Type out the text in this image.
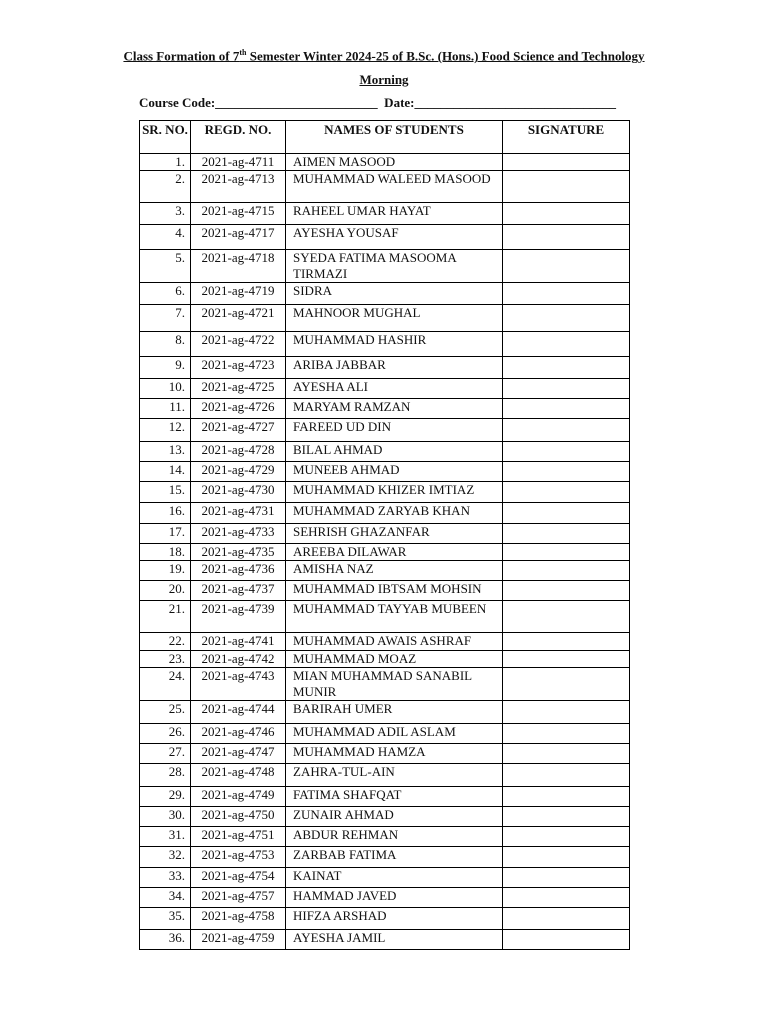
Class Formation of 7th Semester Winter 2024-25 of B.Sc. (Hons.) Food Science and Technology
Morning
Course Code:_________________________  Date:_______________________________
SR. NO.	REGD. NO.	NAMES OF STUDENTS	SIGNATURE
1.	2021-ag-4711	AIMEN MASOOD	
2.	2021-ag-4713	MUHAMMAD WALEED MASOOD	
3.	2021-ag-4715	RAHEEL UMAR HAYAT	
4.	2021-ag-4717	AYESHA YOUSAF	
5.	2021-ag-4718	SYEDA FATIMA MASOOMA TIRMAZI	
6.	2021-ag-4719	SIDRA	
7.	2021-ag-4721	MAHNOOR MUGHAL	
8.	2021-ag-4722	MUHAMMAD HASHIR	
9.	2021-ag-4723	ARIBA JABBAR	
10.	2021-ag-4725	AYESHA ALI	
11.	2021-ag-4726	MARYAM RAMZAN	
12.	2021-ag-4727	FAREED UD DIN	
13.	2021-ag-4728	BILAL AHMAD	
14.	2021-ag-4729	MUNEEB AHMAD	
15.	2021-ag-4730	MUHAMMAD KHIZER IMTIAZ	
16.	2021-ag-4731	MUHAMMAD ZARYAB KHAN	
17.	2021-ag-4733	SEHRISH GHAZANFAR	
18.	2021-ag-4735	AREEBA DILAWAR	
19.	2021-ag-4736	AMISHA NAZ	
20.	2021-ag-4737	MUHAMMAD IBTSAM MOHSIN	
21.	2021-ag-4739	MUHAMMAD TAYYAB MUBEEN	
22.	2021-ag-4741	MUHAMMAD AWAIS ASHRAF	
23.	2021-ag-4742	MUHAMMAD MOAZ	
24.	2021-ag-4743	MIAN MUHAMMAD SANABIL MUNIR	
25.	2021-ag-4744	BARIRAH UMER	
26.	2021-ag-4746	MUHAMMAD ADIL ASLAM	
27.	2021-ag-4747	MUHAMMAD HAMZA	
28.	2021-ag-4748	ZAHRA-TUL-AIN	
29.	2021-ag-4749	FATIMA SHAFQAT	
30.	2021-ag-4750	ZUNAIR AHMAD	
31.	2021-ag-4751	ABDUR REHMAN	
32.	2021-ag-4753	ZARBAB FATIMA	
33.	2021-ag-4754	KAINAT	
34.	2021-ag-4757	HAMMAD JAVED	
35.	2021-ag-4758	HIFZA ARSHAD	
36.	2021-ag-4759	AYESHA JAMIL	
